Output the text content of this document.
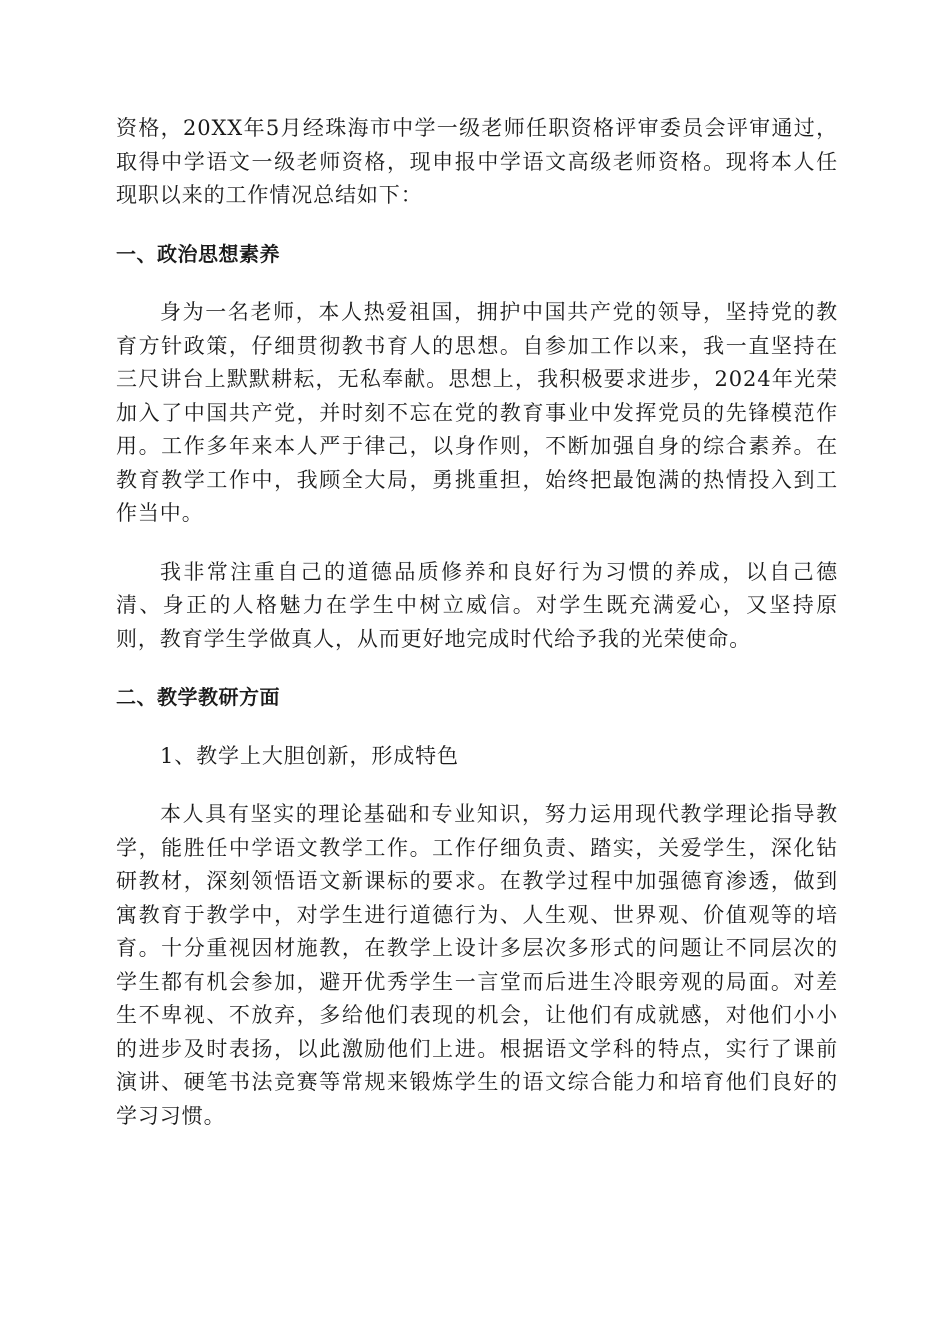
资格，20XX年5月经珠海市中学一级老师任职资格评审委员会评审通过，取得中学语文一级老师资格，现申报中学语文高级老师资格。现将本人任现职以来的工作情况总结如下：

一、政治思想素养

身为一名老师，本人热爱祖国，拥护中国共产党的领导，坚持党的教育方针政策，仔细贯彻教书育人的思想。自参加工作以来，我一直坚持在三尺讲台上默默耕耘，无私奉献。思想上，我积极要求进步，2024年光荣加入了中国共产党，并时刻不忘在党的教育事业中发挥党员的先锋模范作用。工作多年来本人严于律己，以身作则，不断加强自身的综合素养。在教育教学工作中，我顾全大局，勇挑重担，始终把最饱满的热情投入到工作当中。

我非常注重自己的道德品质修养和良好行为习惯的养成，以自己德清、身正的人格魅力在学生中树立威信。对学生既充满爱心，又坚持原则，教育学生学做真人，从而更好地完成时代给予我的光荣使命。

二、教学教研方面

1、教学上大胆创新，形成特色

本人具有坚实的理论基础和专业知识，努力运用现代教学理论指导教学，能胜任中学语文教学工作。工作仔细负责、踏实，关爱学生，深化钻研教材，深刻领悟语文新课标的要求。在教学过程中加强德育渗透，做到寓教育于教学中，对学生进行道德行为、人生观、世界观、价值观等的培育。十分重视因材施教，在教学上设计多层次多形式的问题让不同层次的学生都有机会参加，避开优秀学生一言堂而后进生冷眼旁观的局面。对差生不卑视、不放弃，多给他们表现的机会，让他们有成就感，对他们小小的进步及时表扬，以此激励他们上进。根据语文学科的特点，实行了课前演讲、硬笔书法竞赛等常规来锻炼学生的语文综合能力和培育他们良好的学习习惯。
